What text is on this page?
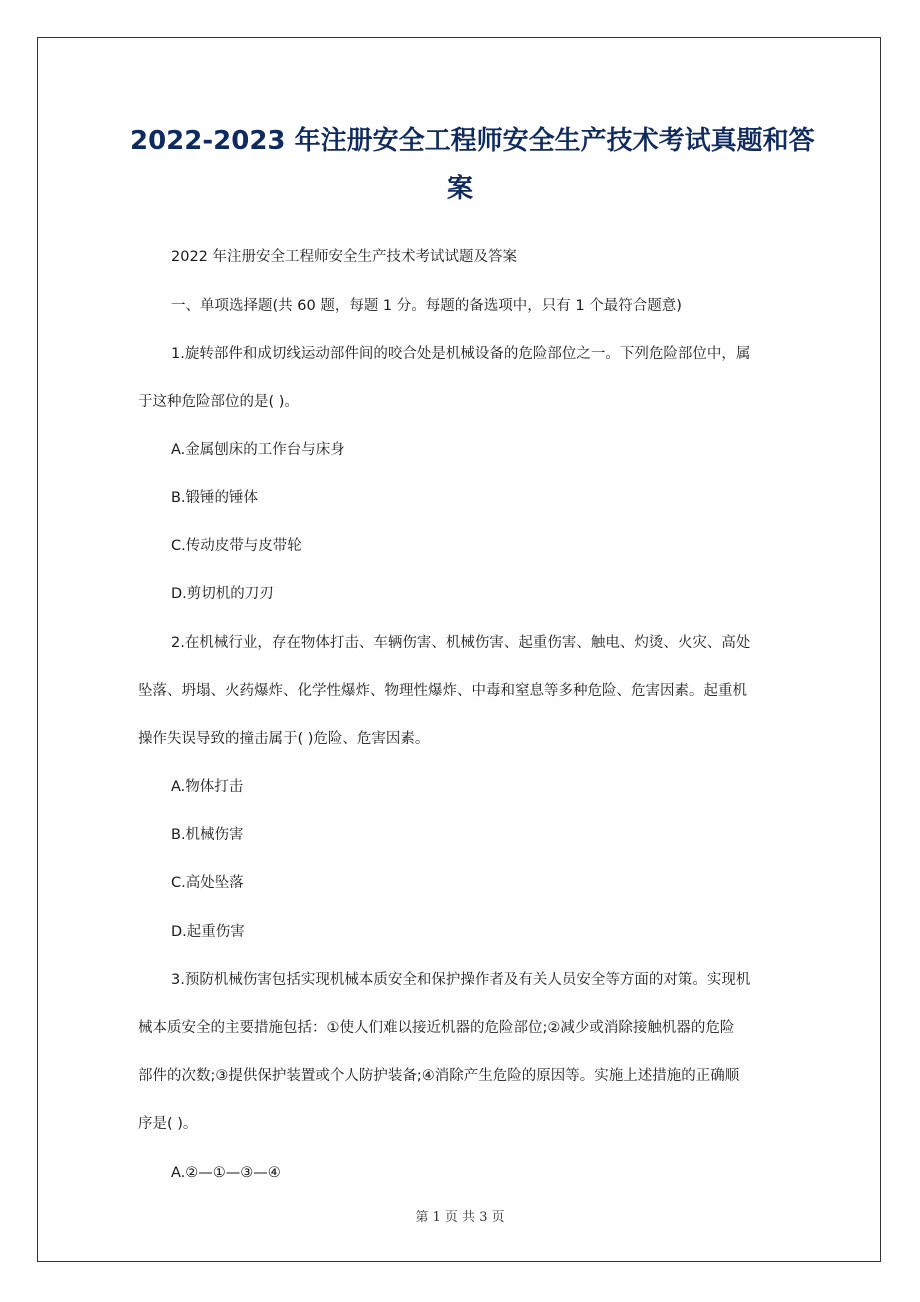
2022-2023 年注册安全工程师安全生产技术考试真题和答
案
2022 年注册安全工程师安全生产技术考试试题及答案
一、单项选择题(共 60 题，每题 1 分。每题的备选项中，只有 1 个最符合题意)
1.旋转部件和成切线运动部件间的咬合处是机械设备的危险部位之一。下列危险部位中，属
于这种危险部位的是( )。
A.金属刨床的工作台与床身
B.锻锤的锤体
C.传动皮带与皮带轮
D.剪切机的刀刃
2.在机械行业，存在物体打击、车辆伤害、机械伤害、起重伤害、触电、灼烫、火灾、高处
坠落、坍塌、火药爆炸、化学性爆炸、物理性爆炸、中毒和窒息等多种危险、危害因素。起重机
操作失误导致的撞击属于( )危险、危害因素。
A.物体打击
B.机械伤害
C.高处坠落
D.起重伤害
3.预防机械伤害包括实现机械本质安全和保护操作者及有关人员安全等方面的对策。实现机
械本质安全的主要措施包括：①使人们难以接近机器的危险部位;②减少或消除接触机器的危险
部件的次数;③提供保护装置或个人防护装备;④消除产生危险的原因等。实施上述措施的正确顺
序是( )。
A.②—①—③—④
第 1 页 共 3 页
